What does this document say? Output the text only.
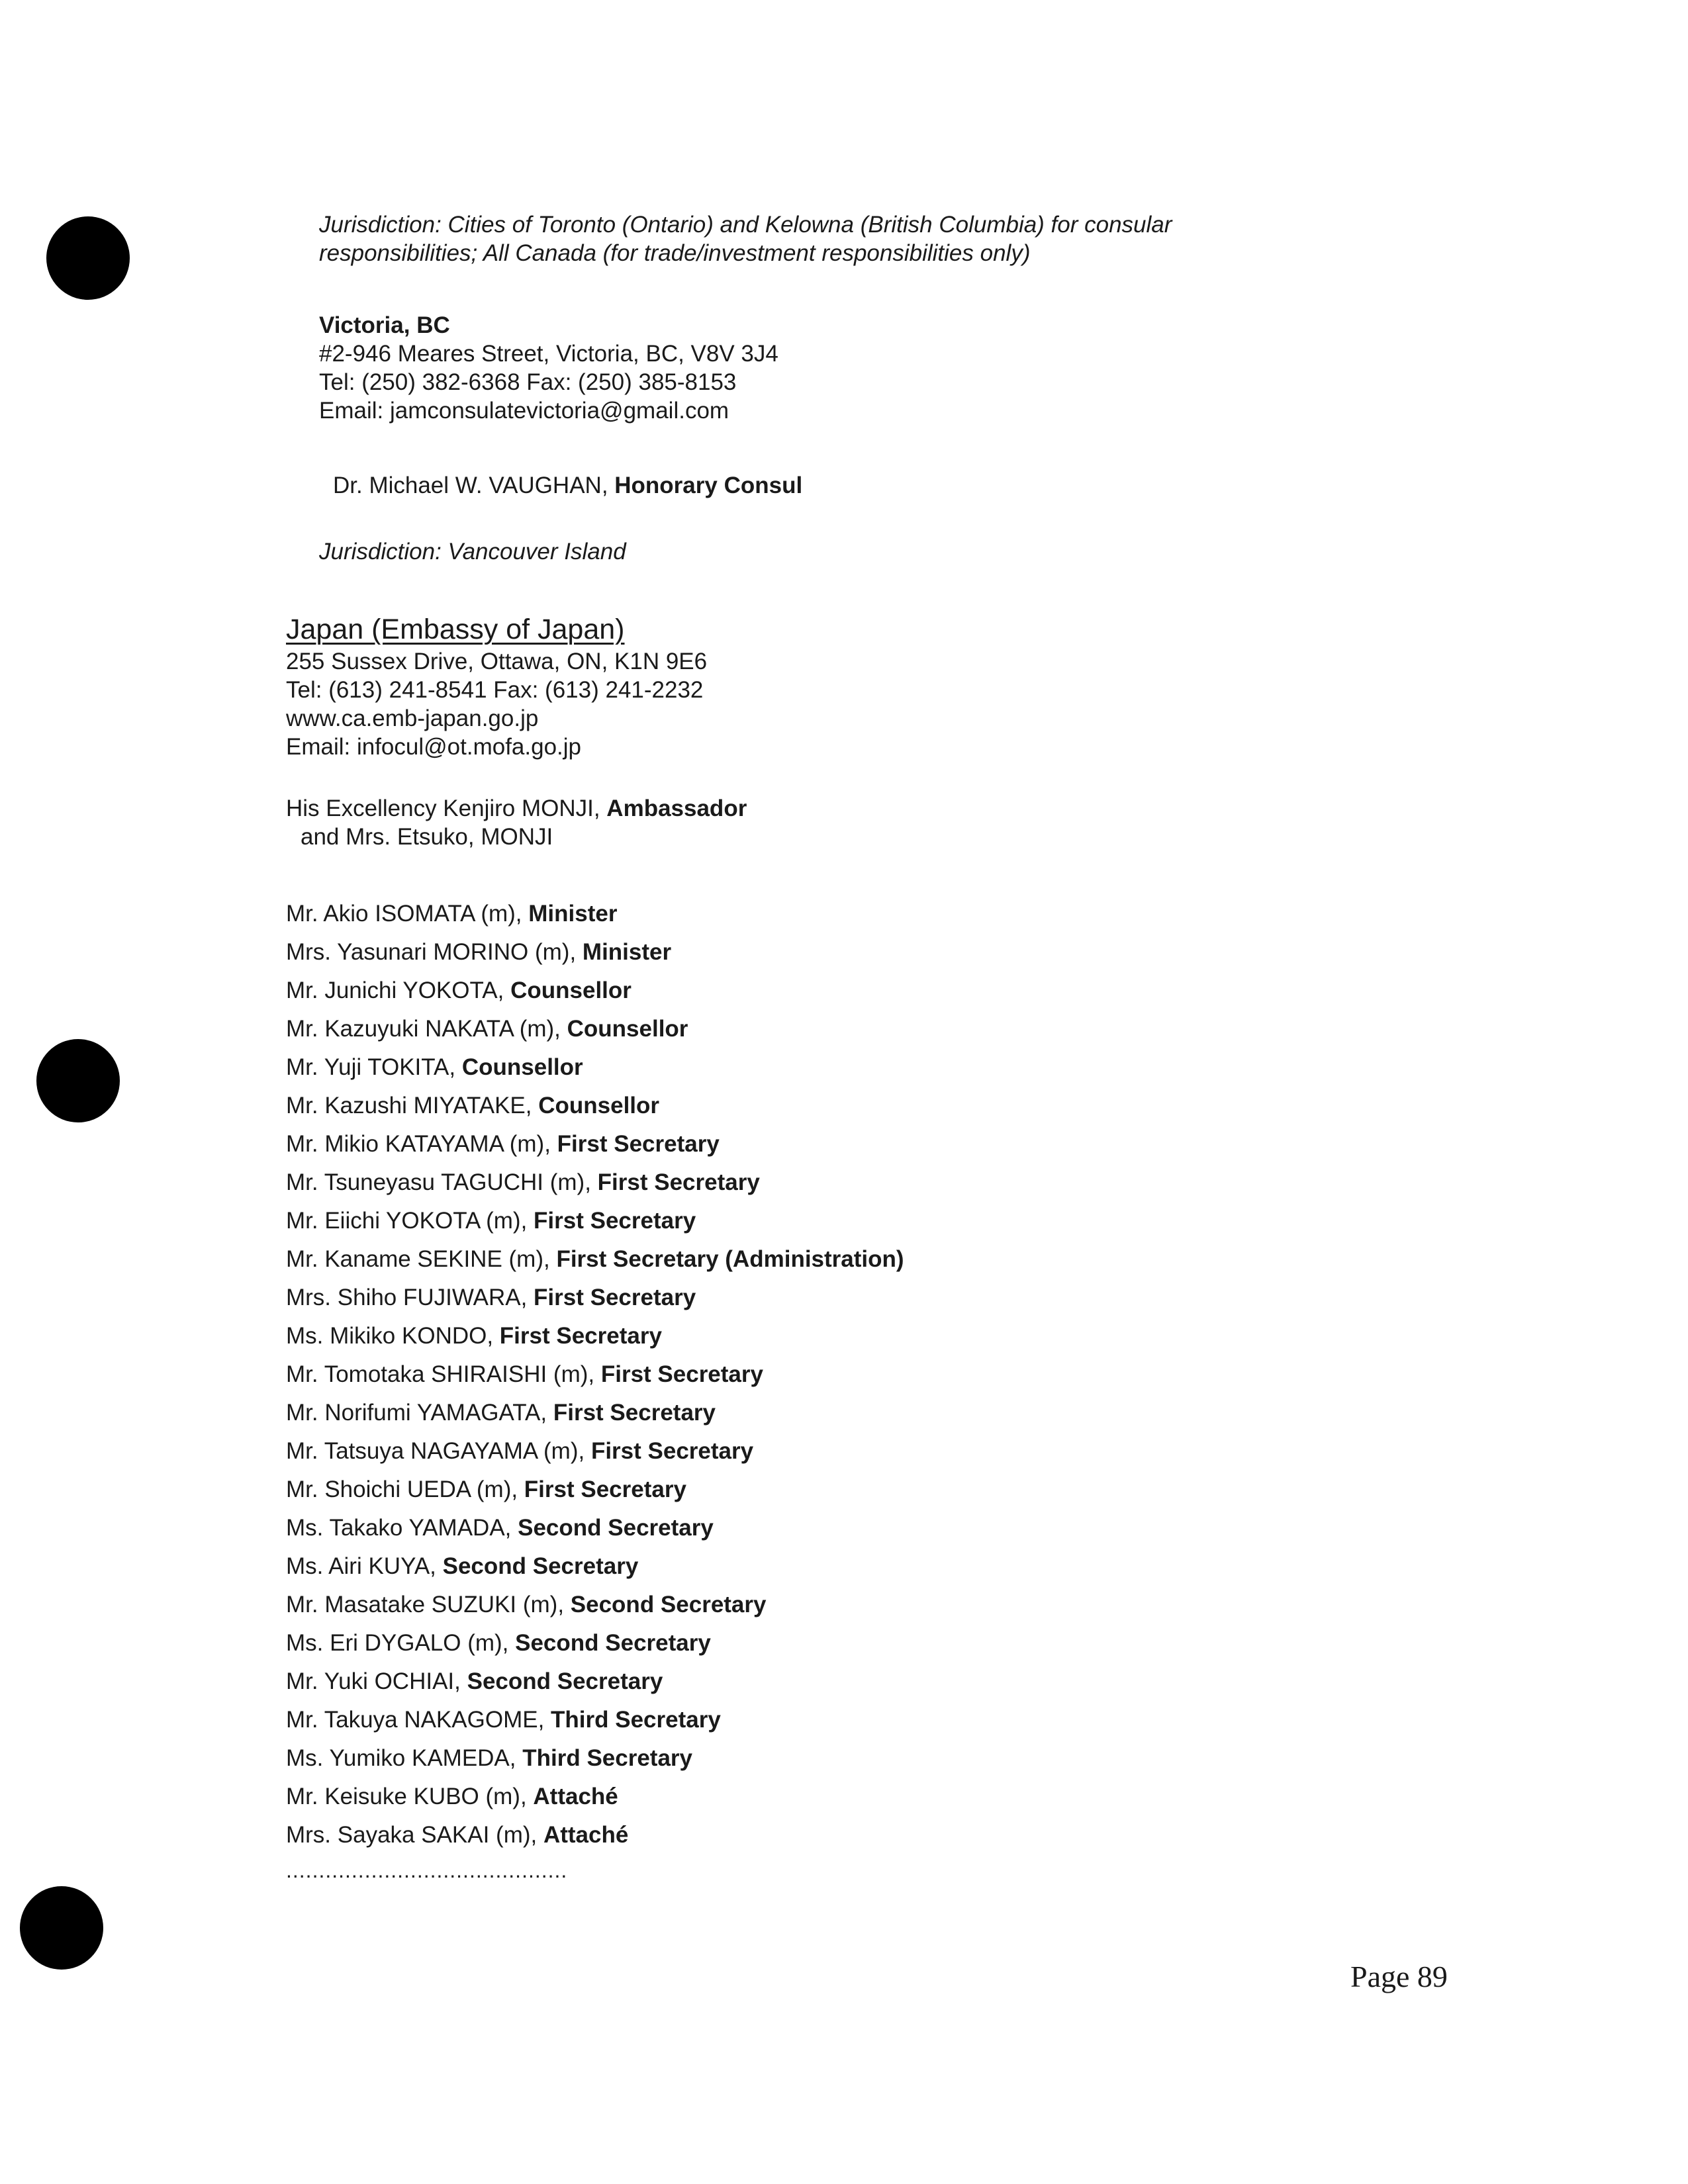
Jurisdiction: Cities of Toronto (Ontario) and Kelowna (British Columbia) for consular
responsibilities; All Canada (for trade/investment responsibilities only)
Victoria, BC
#2-946 Meares Street, Victoria, BC, V8V 3J4
Tel: (250) 382-6368 Fax: (250) 385-8153
Email: jamconsulatevictoria@gmail.com
Dr. Michael W. VAUGHAN, Honorary Consul
Jurisdiction: Vancouver Island
Japan (Embassy of Japan)
255 Sussex Drive, Ottawa, ON, K1N 9E6
Tel: (613) 241-8541 Fax: (613) 241-2232
www.ca.emb-japan.go.jp
Email: infocul@ot.mofa.go.jp
His Excellency Kenjiro MONJI, Ambassador
and Mrs. Etsuko, MONJI
Mr. Akio ISOMATA (m), Minister
Mrs. Yasunari MORINO (m), Minister
Mr. Junichi YOKOTA, Counsellor
Mr. Kazuyuki NAKATA (m), Counsellor
Mr. Yuji TOKITA, Counsellor
Mr. Kazushi MIYATAKE, Counsellor
Mr. Mikio KATAYAMA (m), First Secretary
Mr. Tsuneyasu TAGUCHI (m), First Secretary
Mr. Eiichi YOKOTA (m), First Secretary
Mr. Kaname SEKINE (m), First Secretary (Administration)
Mrs. Shiho FUJIWARA, First Secretary
Ms. Mikiko KONDO, First Secretary
Mr. Tomotaka SHIRAISHI (m), First Secretary
Mr. Norifumi YAMAGATA, First Secretary
Mr. Tatsuya NAGAYAMA (m), First Secretary
Mr. Shoichi UEDA (m), First Secretary
Ms. Takako YAMADA, Second Secretary
Ms. Airi KUYA, Second Secretary
Mr. Masatake SUZUKI (m), Second Secretary
Ms. Eri DYGALO (m), Second Secretary
Mr. Yuki OCHIAI, Second Secretary
Mr. Takuya NAKAGOME, Third Secretary
Ms. Yumiko KAMEDA, Third Secretary
Mr. Keisuke KUBO (m), Attaché
Mrs. Sayaka SAKAI (m), Attaché
...........................................
Page 89
